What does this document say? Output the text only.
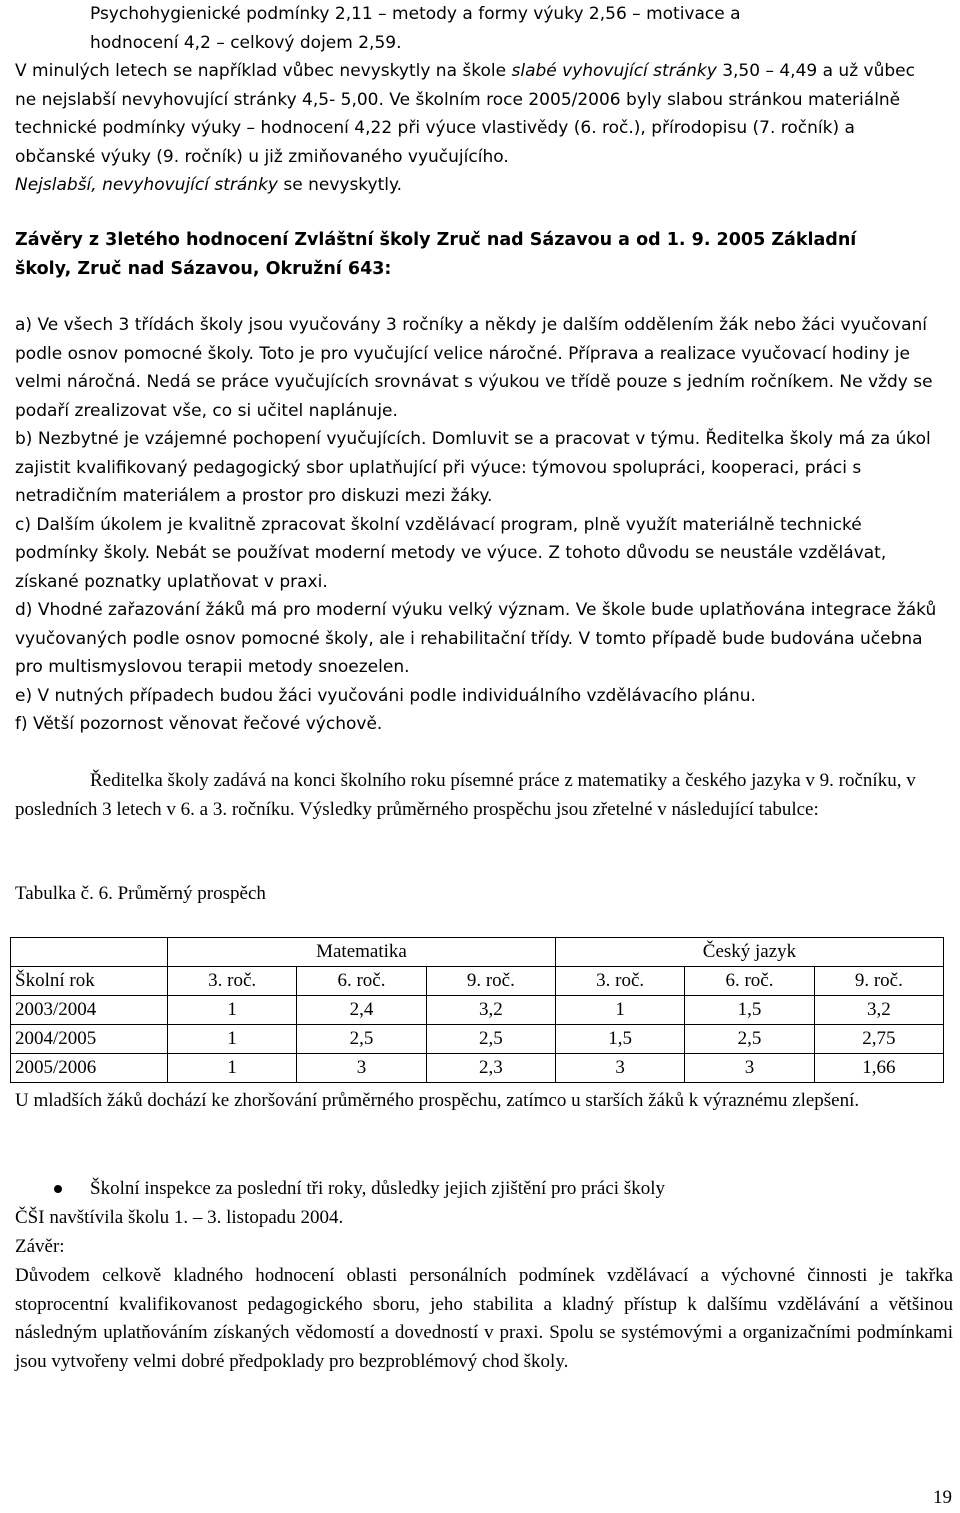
Psychohygienické podmínky 2,11 – metody a formy výuky 2,56 – motivace a

hodnocení 4,2 – celkový dojem 2,59.

V minulých letech se například vůbec nevyskytly na škole slabé vyhovující stránky 3,50 – 4,49 a už vůbec ne nejslabší nevyhovující stránky 4,5- 5,00. Ve školním roce 2005/2006 byly slabou stránkou materiálně technické podmínky výuky – hodnocení 4,22 při výuce vlastivědy (6. roč.), přírodopisu (7. ročník) a občanské výuky (9. ročník) u již zmiňovaného vyučujícího.

Nejslabší, nevyhovující stránky se nevyskytly.

Závěry z 3letého hodnocení Zvláštní školy Zruč nad Sázavou a od 1. 9. 2005 Základní

školy, Zruč nad Sázavou, Okružní 643:

a) Ve všech 3 třídách školy jsou vyučovány 3 ročníky a někdy je dalším oddělením žák nebo žáci vyučovaní podle osnov pomocné školy. Toto je pro vyučující velice náročné. Příprava a realizace vyučovací hodiny je velmi náročná. Nedá se práce vyučujících srovnávat s výukou ve třídě pouze s jedním ročníkem. Ne vždy se podaří zrealizovat vše, co si učitel naplánuje.

b) Nezbytné je vzájemné pochopení vyučujících. Domluvit se a pracovat v týmu. Ředitelka školy má za úkol zajistit kvalifikovaný pedagogický sbor uplatňující při výuce: týmovou spolupráci, kooperaci, práci s netradičním materiálem a prostor pro diskuzi mezi žáky.

c) Dalším úkolem je kvalitně zpracovat školní vzdělávací program, plně využít materiálně technické podmínky školy. Nebát se používat moderní metody ve výuce. Z tohoto důvodu se neustále vzdělávat, získané poznatky uplatňovat v praxi.

d) Vhodné zařazování žáků má pro moderní výuku velký význam. Ve škole bude uplatňována integrace žáků vyučovaných podle osnov pomocné školy, ale i rehabilitační třídy. V tomto případě bude budována učebna pro multismyslovou terapii metody snoezelen.

e) V nutných případech budou žáci vyučováni podle individuálního vzdělávacího plánu.

f) Větší pozornost věnovat řečové výchově.

Ředitelka školy zadává na konci školního roku písemné práce z matematiky a českého jazyka v 9. ročníku, v posledních 3 letech v 6. a 3. ročníku. Výsledky průměrného prospěchu jsou zřetelné v následující tabulce:

Tabulka č. 6. Průměrný prospěch

	Matematika			Český jazyk		
Školní rok	3. roč.	6. roč.	9. roč.	3. roč.	6. roč.	9. roč.
2003/2004	1	2,4	3,2	1	1,5	3,2
2004/2005	1	2,5	2,5	1,5	2,5	2,75
2005/2006	1	3	2,3	3	3	1,66

U mladších žáků dochází ke zhoršování průměrného prospěchu, zatímco u starších žáků k výraznému zlepšení.

Školní inspekce za poslední tři roky, důsledky jejich zjištění pro práci školy

ČŠI navštívila školu 1. – 3. listopadu 2004.

Závěr:

Důvodem celkově kladného hodnocení oblasti personálních podmínek vzdělávací a výchovné činnosti je takřka stoprocentní kvalifikovanost pedagogického sboru, jeho stabilita a kladný přístup k dalšímu vzdělávání a většinou následným uplatňováním získaných vědomostí a dovedností v praxi. Spolu se systémovými a organizačními podmínkami jsou vytvořeny velmi dobré předpoklady pro bezproblémový chod školy.

19
